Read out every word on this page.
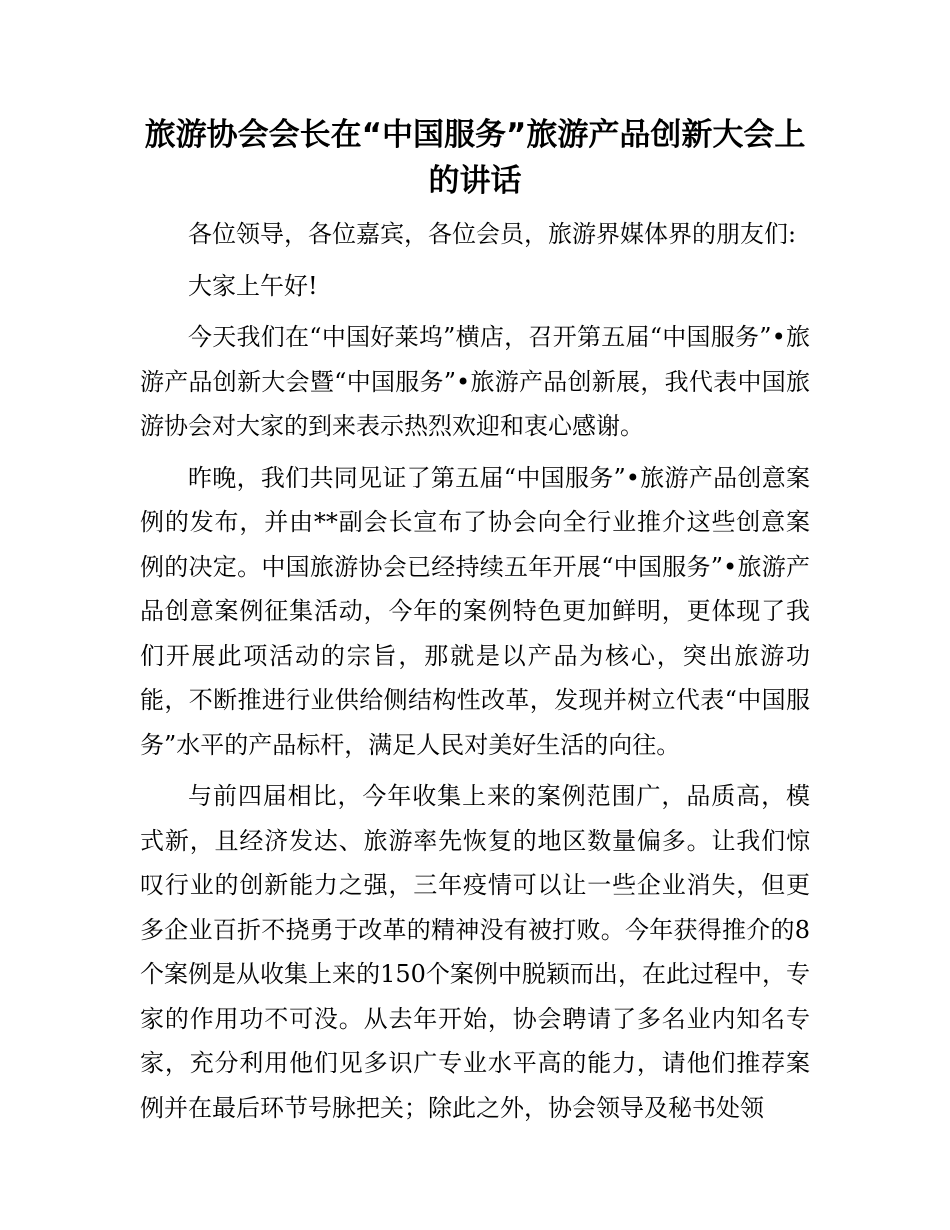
旅游协会会长在“中国服务”旅游产品创新大会上的讲话

各位领导，各位嘉宾，各位会员，旅游界媒体界的朋友们:

大家上午好!

今天我们在“中国好莱坞”横店，召开第五届“中国服务”•旅游产品创新大会暨“中国服务”•旅游产品创新展，我代表中国旅游协会对大家的到来表示热烈欢迎和衷心感谢。

昨晚，我们共同见证了第五届“中国服务”•旅游产品创意案例的发布，并由**副会长宣布了协会向全行业推介这些创意案例的决定。中国旅游协会已经持续五年开展“中国服务”•旅游产品创意案例征集活动，今年的案例特色更加鲜明，更体现了我们开展此项活动的宗旨，那就是以产品为核心，突出旅游功能，不断推进行业供给侧结构性改革，发现并树立代表“中国服务”水平的产品标杆，满足人民对美好生活的向往。

与前四届相比，今年收集上来的案例范围广，品质高，模式新，且经济发达、旅游率先恢复的地区数量偏多。让我们惊叹行业的创新能力之强，三年疫情可以让一些企业消失，但更多企业百折不挠勇于改革的精神没有被打败。今年获得推介的8个案例是从收集上来的150个案例中脱颖而出，在此过程中，专家的作用功不可没。从去年开始，协会聘请了多名业内知名专家，充分利用他们见多识广专业水平高的能力，请他们推荐案例并在最后环节号脉把关；除此之外，协会领导及秘书处领
